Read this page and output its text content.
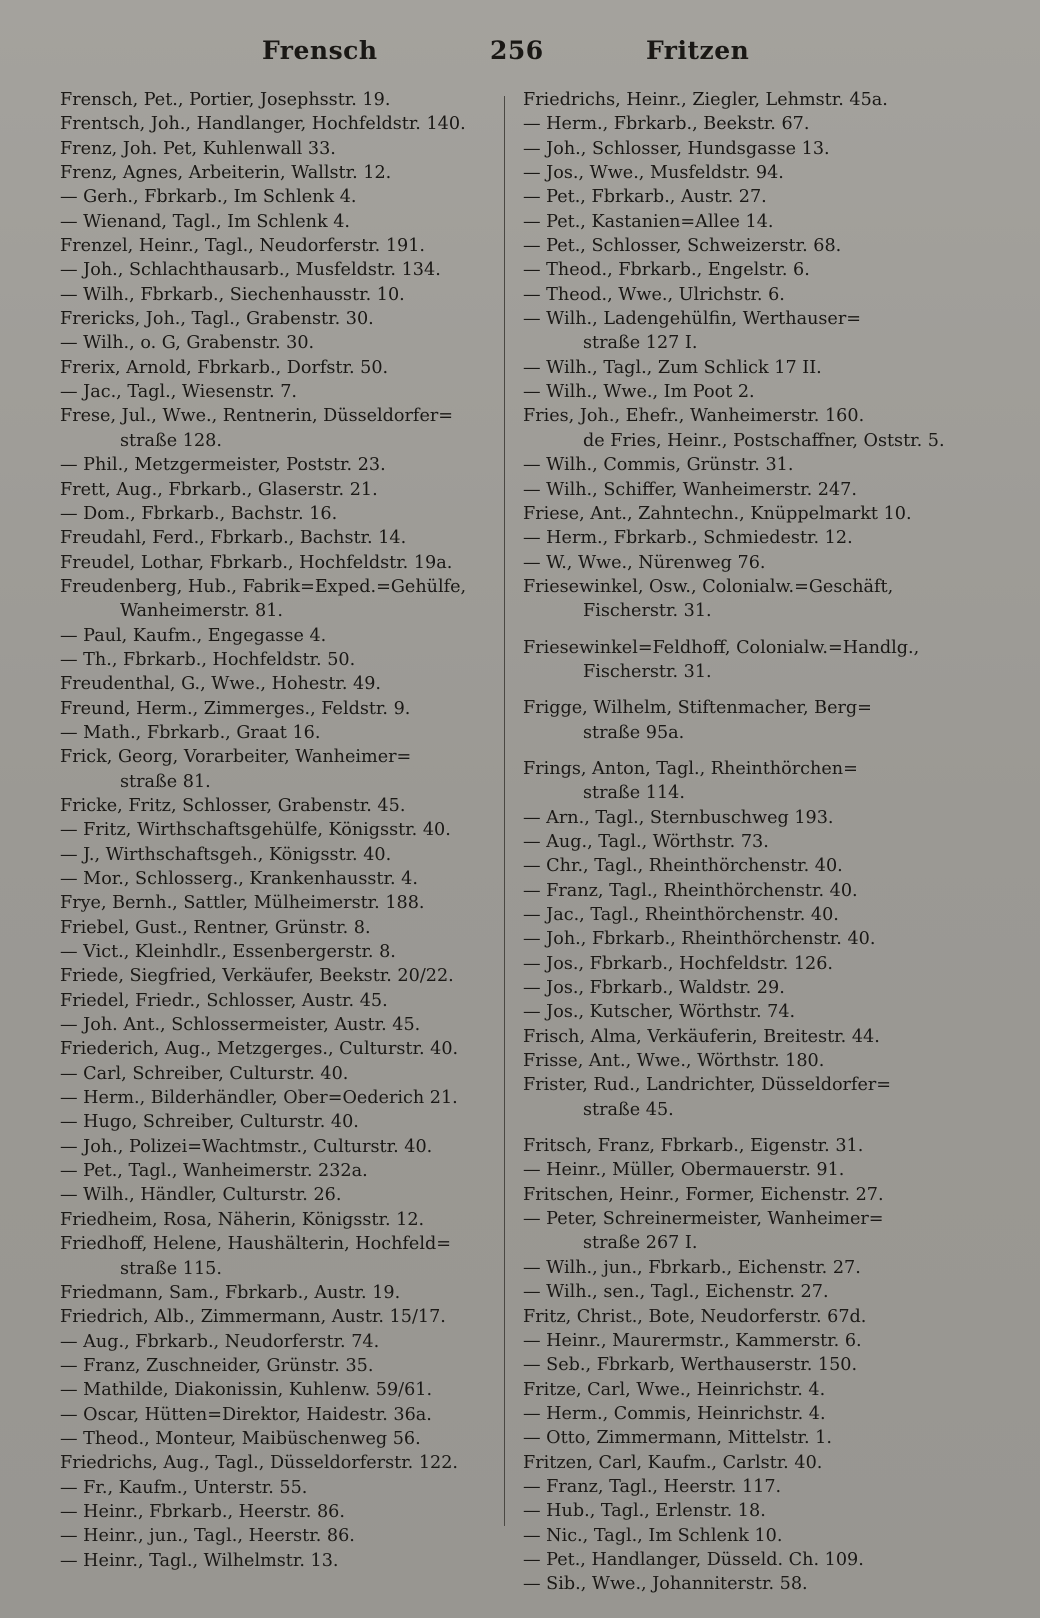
Frensch	256	Fritzen
Frensch, Pet., Portier, Josephsstr. 19.
Frentsch, Joh., Handlanger, Hochfeldstr. 140.
Frenz, Joh. Pet, Kuhlenwall 33.
Frenz, Agnes, Arbeiterin, Wallstr. 12.
— Gerh., Fbrkarb., Im Schlenk 4.
— Wienand, Tagl., Im Schlenk 4.
Frenzel, Heinr., Tagl., Neudorferstr. 191.
— Joh., Schlachthausarb., Musfeldstr. 134.
— Wilh., Fbrkarb., Siechenhausstr. 10.
Frericks, Joh., Tagl., Grabenstr. 30.
— Wilh., o. G, Grabenstr. 30.
Frerix, Arnold, Fbrkarb., Dorfstr. 50.
— Jac., Tagl., Wiesenstr. 7.
Frese, Jul., Wwe., Rentnerin, Düsseldorfer=
straße 128.
— Phil., Metzgermeister, Poststr. 23.
Frett, Aug., Fbrkarb., Glaserstr. 21.
— Dom., Fbrkarb., Bachstr. 16.
Freudahl, Ferd., Fbrkarb., Bachstr. 14.
Freudel, Lothar, Fbrkarb., Hochfeldstr. 19a.
Freudenberg, Hub., Fabrik=Exped.=Gehülfe,
Wanheimerstr. 81.
— Paul, Kaufm., Engegasse 4.
— Th., Fbrkarb., Hochfeldstr. 50.
Freudenthal, G., Wwe., Hohestr. 49.
Freund, Herm., Zimmerges., Feldstr. 9.
— Math., Fbrkarb., Graat 16.
Frick, Georg, Vorarbeiter, Wanheimer=
straße 81.
Fricke, Fritz, Schlosser, Grabenstr. 45.
— Fritz, Wirthschaftsgehülfe, Königsstr. 40.
— J., Wirthschaftsgeh., Königsstr. 40.
— Mor., Schlosserg., Krankenhausstr. 4.
Frye, Bernh., Sattler, Mülheimerstr. 188.
Friebel, Gust., Rentner, Grünstr. 8.
— Vict., Kleinhdlr., Essenbergerstr. 8.
Friede, Siegfried, Verkäufer, Beekstr. 20/22.
Friedel, Friedr., Schlosser, Austr. 45.
— Joh. Ant., Schlossermeister, Austr. 45.
Friederich, Aug., Metzgerges., Culturstr. 40.
— Carl, Schreiber, Culturstr. 40.
— Herm., Bilderhändler, Ober=Oederich 21.
— Hugo, Schreiber, Culturstr. 40.
— Joh., Polizei=Wachtmstr., Culturstr. 40.
— Pet., Tagl., Wanheimerstr. 232a.
— Wilh., Händler, Culturstr. 26.
Friedheim, Rosa, Näherin, Königsstr. 12.
Friedhoff, Helene, Haushälterin, Hochfeld=
straße 115.
Friedmann, Sam., Fbrkarb., Austr. 19.
Friedrich, Alb., Zimmermann, Austr. 15/17.
— Aug., Fbrkarb., Neudorferstr. 74.
— Franz, Zuschneider, Grünstr. 35.
— Mathilde, Diakonissin, Kuhlenw. 59/61.
— Oscar, Hütten=Direktor, Haidestr. 36a.
— Theod., Monteur, Maibüschenweg 56.
Friedrichs, Aug., Tagl., Düsseldorferstr. 122.
— Fr., Kaufm., Unterstr. 55.
— Heinr., Fbrkarb., Heerstr. 86.
— Heinr., jun., Tagl., Heerstr. 86.
— Heinr., Tagl., Wilhelmstr. 13.
Friedrichs, Heinr., Ziegler, Lehmstr. 45a.
— Herm., Fbrkarb., Beekstr. 67.
— Joh., Schlosser, Hundsgasse 13.
— Jos., Wwe., Musfeldstr. 94.
— Pet., Fbrkarb., Austr. 27.
— Pet., Kastanien=Allee 14.
— Pet., Schlosser, Schweizerstr. 68.
— Theod., Fbrkarb., Engelstr. 6.
— Theod., Wwe., Ulrichstr. 6.
— Wilh., Ladengehülfin, Werthauser=
straße 127 I.
— Wilh., Tagl., Zum Schlick 17 II.
— Wilh., Wwe., Im Poot 2.
Fries, Joh., Ehefr., Wanheimerstr. 160.
de Fries, Heinr., Postschaffner, Oststr. 5.
— Wilh., Commis, Grünstr. 31.
— Wilh., Schiffer, Wanheimerstr. 247.
Friese, Ant., Zahntechn., Knüppelmarkt 10.
— Herm., Fbrkarb., Schmiedestr. 12.
— W., Wwe., Nürenweg 76.
Friesewinkel, Osw., Colonialw.=Geschäft,
Fischerstr. 31.
Friesewinkel=Feldhoff, Colonialw.=Handlg.,
Fischerstr. 31.
Frigge, Wilhelm, Stiftenmacher, Berg=
straße 95a.
Frings, Anton, Tagl., Rheinthörchen=
straße 114.
— Arn., Tagl., Sternbuschweg 193.
— Aug., Tagl., Wörthstr. 73.
— Chr., Tagl., Rheinthörchenstr. 40.
— Franz, Tagl., Rheinthörchenstr. 40.
— Jac., Tagl., Rheinthörchenstr. 40.
— Joh., Fbrkarb., Rheinthörchenstr. 40.
— Jos., Fbrkarb., Hochfeldstr. 126.
— Jos., Fbrkarb., Waldstr. 29.
— Jos., Kutscher, Wörthstr. 74.
Frisch, Alma, Verkäuferin, Breitestr. 44.
Frisse, Ant., Wwe., Wörthstr. 180.
Frister, Rud., Landrichter, Düsseldorfer=
straße 45.
Fritsch, Franz, Fbrkarb., Eigenstr. 31.
— Heinr., Müller, Obermauerstr. 91.
Fritschen, Heinr., Former, Eichenstr. 27.
— Peter, Schreinermeister, Wanheimer=
straße 267 I.
— Wilh., jun., Fbrkarb., Eichenstr. 27.
— Wilh., sen., Tagl., Eichenstr. 27.
Fritz, Christ., Bote, Neudorferstr. 67d.
— Heinr., Maurermstr., Kammerstr. 6.
— Seb., Fbrkarb, Werthauserstr. 150.
Fritze, Carl, Wwe., Heinrichstr. 4.
— Herm., Commis, Heinrichstr. 4.
— Otto, Zimmermann, Mittelstr. 1.
Fritzen, Carl, Kaufm., Carlstr. 40.
— Franz, Tagl., Heerstr. 117.
— Hub., Tagl., Erlenstr. 18.
— Nic., Tagl., Im Schlenk 10.
— Pet., Handlanger, Düsseld. Ch. 109.
— Sib., Wwe., Johanniterstr. 58.
